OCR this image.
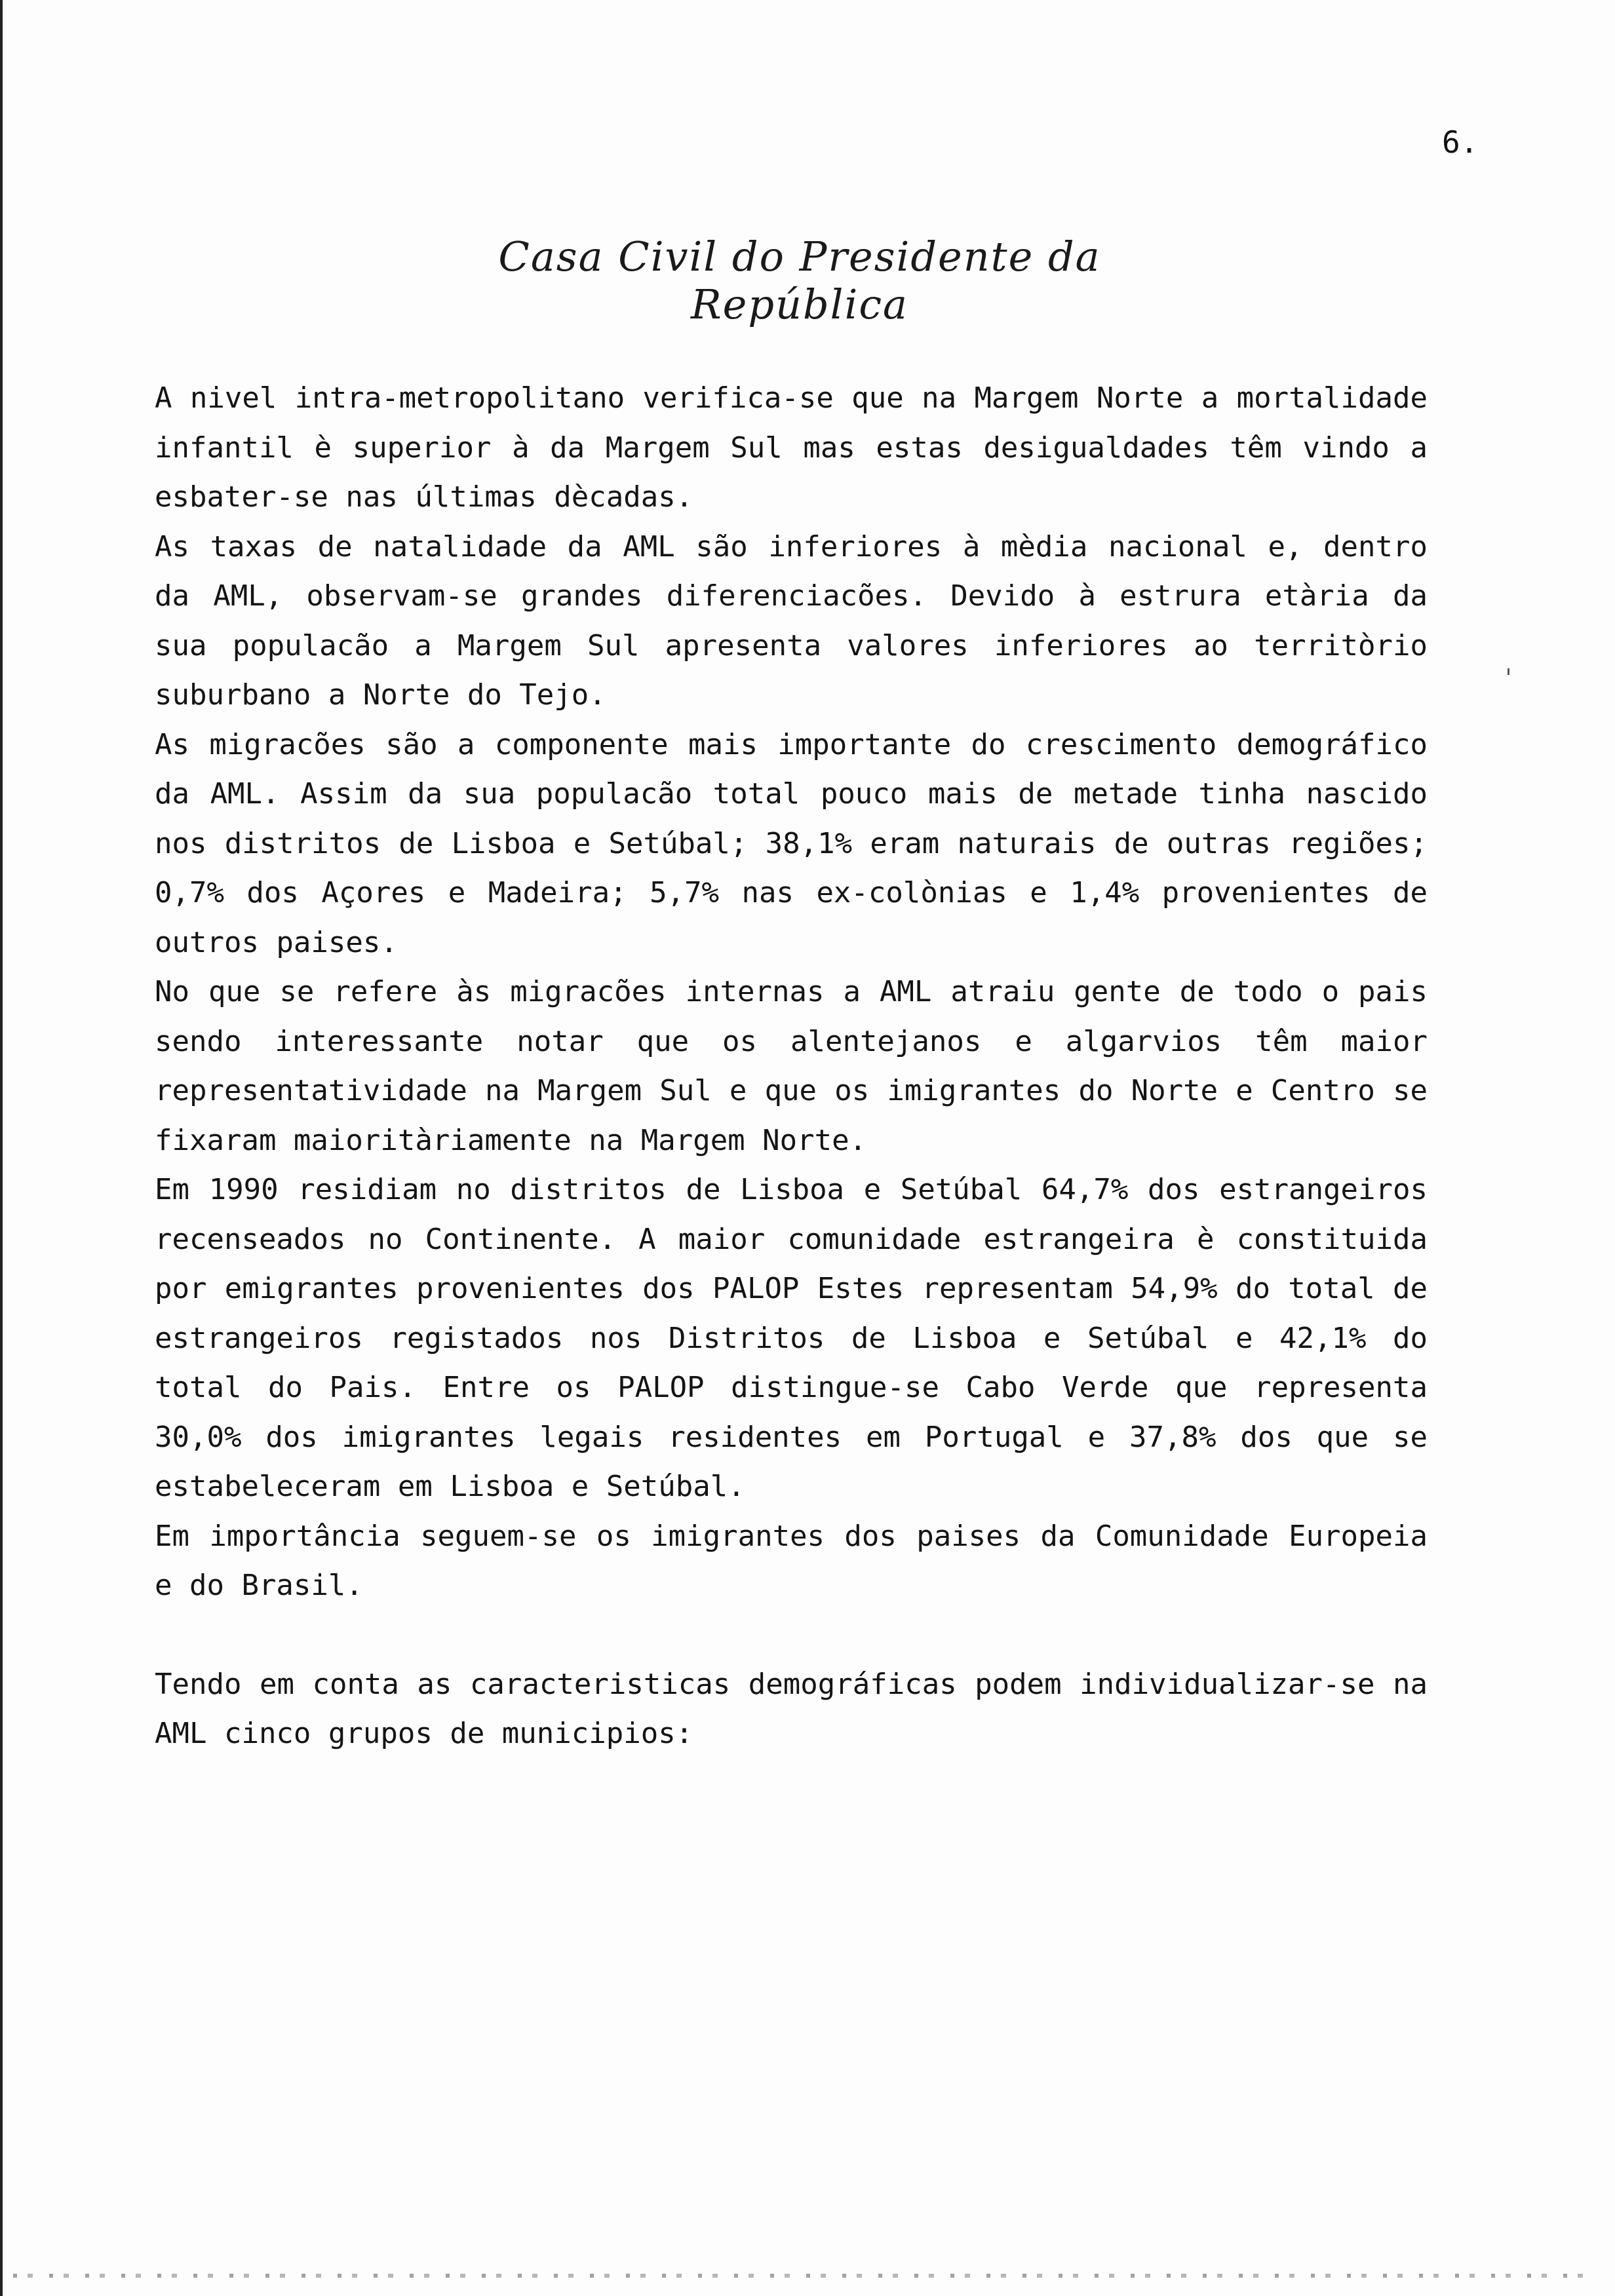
6.
Casa Civil do Presidente da República

A nivel intra-metropolitano verifica-se que na Margem Norte a mortalidade infantil è superior à da Margem Sul mas estas desigualdades têm vindo a esbater-se nas últimas dècadas.

As taxas de natalidade da AML são inferiores à mèdia nacional e, dentro da AML, observam-se grandes diferenciacões. Devido à estrura etària da sua populacão a Margem Sul apresenta valores inferiores ao territòrio suburbano a Norte do Tejo.

As migracões são a componente mais importante do crescimento demográfico da AML. Assim da sua populacão total pouco mais de metade tinha nascido nos distritos de Lisboa e Setúbal; 38,1% eram naturais de outras regiões; 0,7% dos Açores e Madeira; 5,7% nas ex-colònias e 1,4% provenientes de outros paises.

No que se refere às migracões internas a AML atraiu gente de todo o pais sendo interessante notar que os alentejanos e algarvios têm maior representatividade na Margem Sul e que os imigrantes do Norte e Centro se fixaram maioritàriamente na Margem Norte.

Em 1990 residiam no distritos de Lisboa e Setúbal 64,7% dos estrangeiros recenseados no Continente. A maior comunidade estrangeira è constituida por emigrantes provenientes dos PALOP Estes representam 54,9% do total de estrangeiros registados nos Distritos de Lisboa e Setúbal e 42,1% do total do Pais. Entre os PALOP distingue-se Cabo Verde que representa 30,0% dos imigrantes legais residentes em Portugal e 37,8% dos que se estabeleceram em Lisboa e Setúbal.

Em importância seguem-se os imigrantes dos paises da Comunidade Europeia e do Brasil.

Tendo em conta as caracteristicas demográficas podem individualizar-se na AML cinco grupos de municipios:
